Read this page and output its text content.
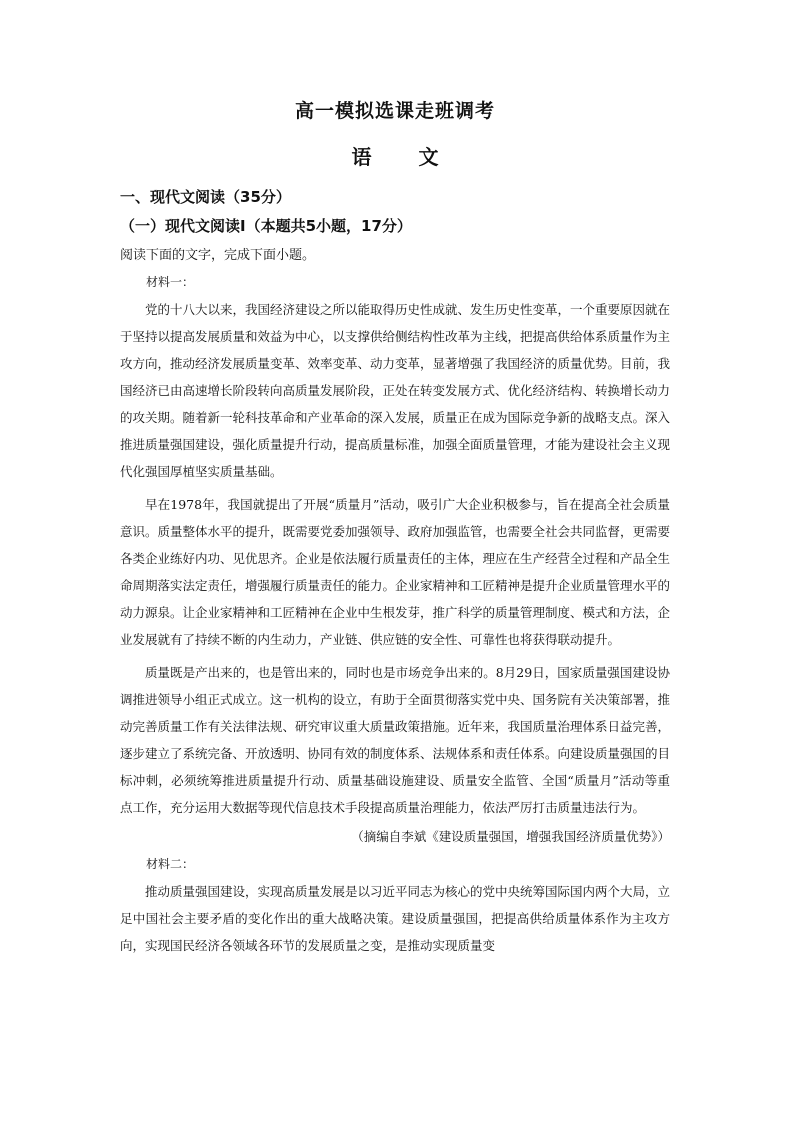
高一模拟选课走班调考
语 文
一、现代文阅读（35分）
（一）现代文阅读Ⅰ（本题共5小题，17分）
阅读下面的文字，完成下面小题。
材料一：

党的十八大以来，我国经济建设之所以能取得历史性成就、发生历史性变革，一个重要原因就在于坚持以提高发展质量和效益为中心，以支撑供给侧结构性改革为主线，把提高供给体系质量作为主攻方向，推动经济发展质量变革、效率变革、动力变革，显著增强了我国经济的质量优势。目前，我国经济已由高速增长阶段转向高质量发展阶段，正处在转变发展方式、优化经济结构、转换增长动力的攻关期。随着新一轮科技革命和产业革命的深入发展，质量正在成为国际竞争新的战略支点。深入推进质量强国建设，强化质量提升行动，提高质量标准，加强全面质量管理，才能为建设社会主义现代化强国厚植坚实质量基础。

早在1978年，我国就提出了开展“质量月”活动，吸引广大企业积极参与，旨在提高全社会质量意识。质量整体水平的提升，既需要党委加强领导、政府加强监管，也需要全社会共同监督，更需要各类企业练好内功、见优思齐。企业是依法履行质量责任的主体，理应在生产经营全过程和产品全生命周期落实法定责任，增强履行质量责任的能力。企业家精神和工匠精神是提升企业质量管理水平的动力源泉。让企业家精神和工匠精神在企业中生根发芽，推广科学的质量管理制度、模式和方法，企业发展就有了持续不断的内生动力，产业链、供应链的安全性、可靠性也将获得联动提升。

质量既是产出来的，也是管出来的，同时也是市场竞争出来的。8月29日，国家质量强国建设协调推进领导小组正式成立。这一机构的设立，有助于全面贯彻落实党中央、国务院有关决策部署，推动完善质量工作有关法律法规、研究审议重大质量政策措施。近年来，我国质量治理体系日益完善，逐步建立了系统完备、开放透明、协同有效的制度体系、法规体系和责任体系。向建设质量强国的目标冲刺，必须统筹推进质量提升行动、质量基础设施建设、质量安全监管、全国“质量月”活动等重点工作，充分运用大数据等现代信息技术手段提高质量治理能力，依法严厉打击质量违法行为。

（摘编自李斌《建设质量强国，增强我国经济质量优势》）
材料二：

推动质量强国建设，实现高质量发展是以习近平同志为核心的党中央统筹国际国内两个大局，立足中国社会主要矛盾的变化作出的重大战略决策。建设质量强国，把提高供给质量体系作为主攻方向，实现国民经济各领域各环节的发展质量之变，是推动实现质量变
